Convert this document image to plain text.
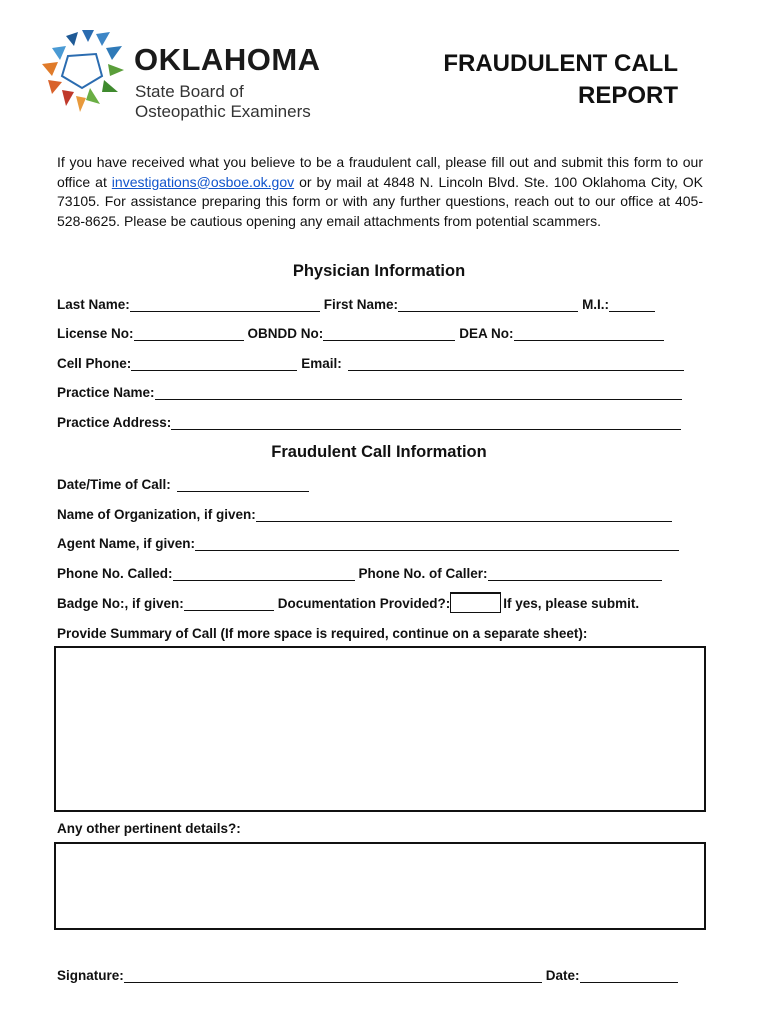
OKLAHOMA
State Board of
Osteopathic Examiners
FRAUDULENT CALL
REPORT
If you have received what you believe to be a fraudulent call, please fill out and submit this form to our office at investigations@osboe.ok.gov or by mail at 4848 N. Lincoln Blvd. Ste. 100 Oklahoma City, OK 73105. For assistance preparing this form or with any further questions, reach out to our office at 405-528-8625. Please be cautious opening any email attachments from potential scammers.
Physician Information
Last Name:	First Name:	M.I.:
License No:	OBNDD No:	DEA No:
Cell Phone:	Email:
Practice Name:
Practice Address:
Fraudulent Call Information
Date/Time of Call:
Name of Organization, if given:
Agent Name, if given:
Phone No. Called:	Phone No. of Caller:
Badge No:, if given:	Documentation Provided?:	If yes, please submit.
Provide Summary of Call (If more space is required, continue on a separate sheet):
Any other pertinent details?:
Signature:	Date:
